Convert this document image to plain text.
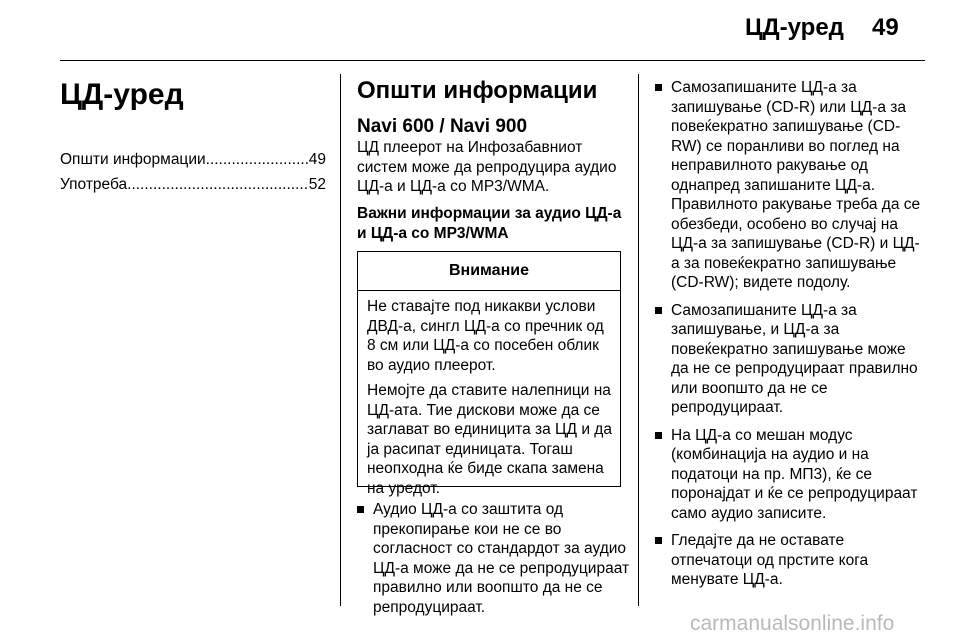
ЦД-уред 49
ЦД-уред
Општи информации .....	49
Употреба .....	52
Општи информации
Navi 600 / Navi 900
ЦД плеерот на Инфозабавниот систем може да репродуцира аудио ЦД-а и ЦД-а со MP3/WMA.
Важни информации за аудио ЦД-а и ЦД-а со MP3/WMA
Внимание

Не ставајте под никакви услови ДВД-а, сингл ЦД-а со пречник од 8 см или ЦД-а со посебен облик во аудио плеерот.

Немојте да ставите налепници на ЦД-ата. Тие дискови може да се заглават во единицита за ЦД и да ја расипат единицата. Тогаш неопходна ќе биде скапа замена на уредот.

Аудио ЦД-а со заштита од прекопирање кои не се во согласност со стандардот за аудио ЦД-а може да не се репродуцираат правилно или воопшто да не се репродуцираат.
Самозапишаните ЦД-а за запишување (CD-R) или ЦД-а за повеќекратно запишување (CD-RW) се поранливи во поглед на неправилното ракување од однапред запишаните ЦД-а. Правилното ракување треба да се обезбеди, особено во случај на ЦД-а за запишување (CD-R) и ЦД-а за повеќекратно запишување (CD-RW); видете подолу.
Самозапишаните ЦД-а за запишување, и ЦД-а за повеќекратно запишување може да не се репродуцираат правилно или воопшто да не се репродуцираат.
На ЦД-а со мешан модус (комбинација на аудио и на податоци на пр. МП3), ќе се поронајдат и ќе се репродуцираат само аудио записите.
Гледајте да не оставате отпечатоци од прстите кога менувате ЦД-а.
carmanualsonline.info
